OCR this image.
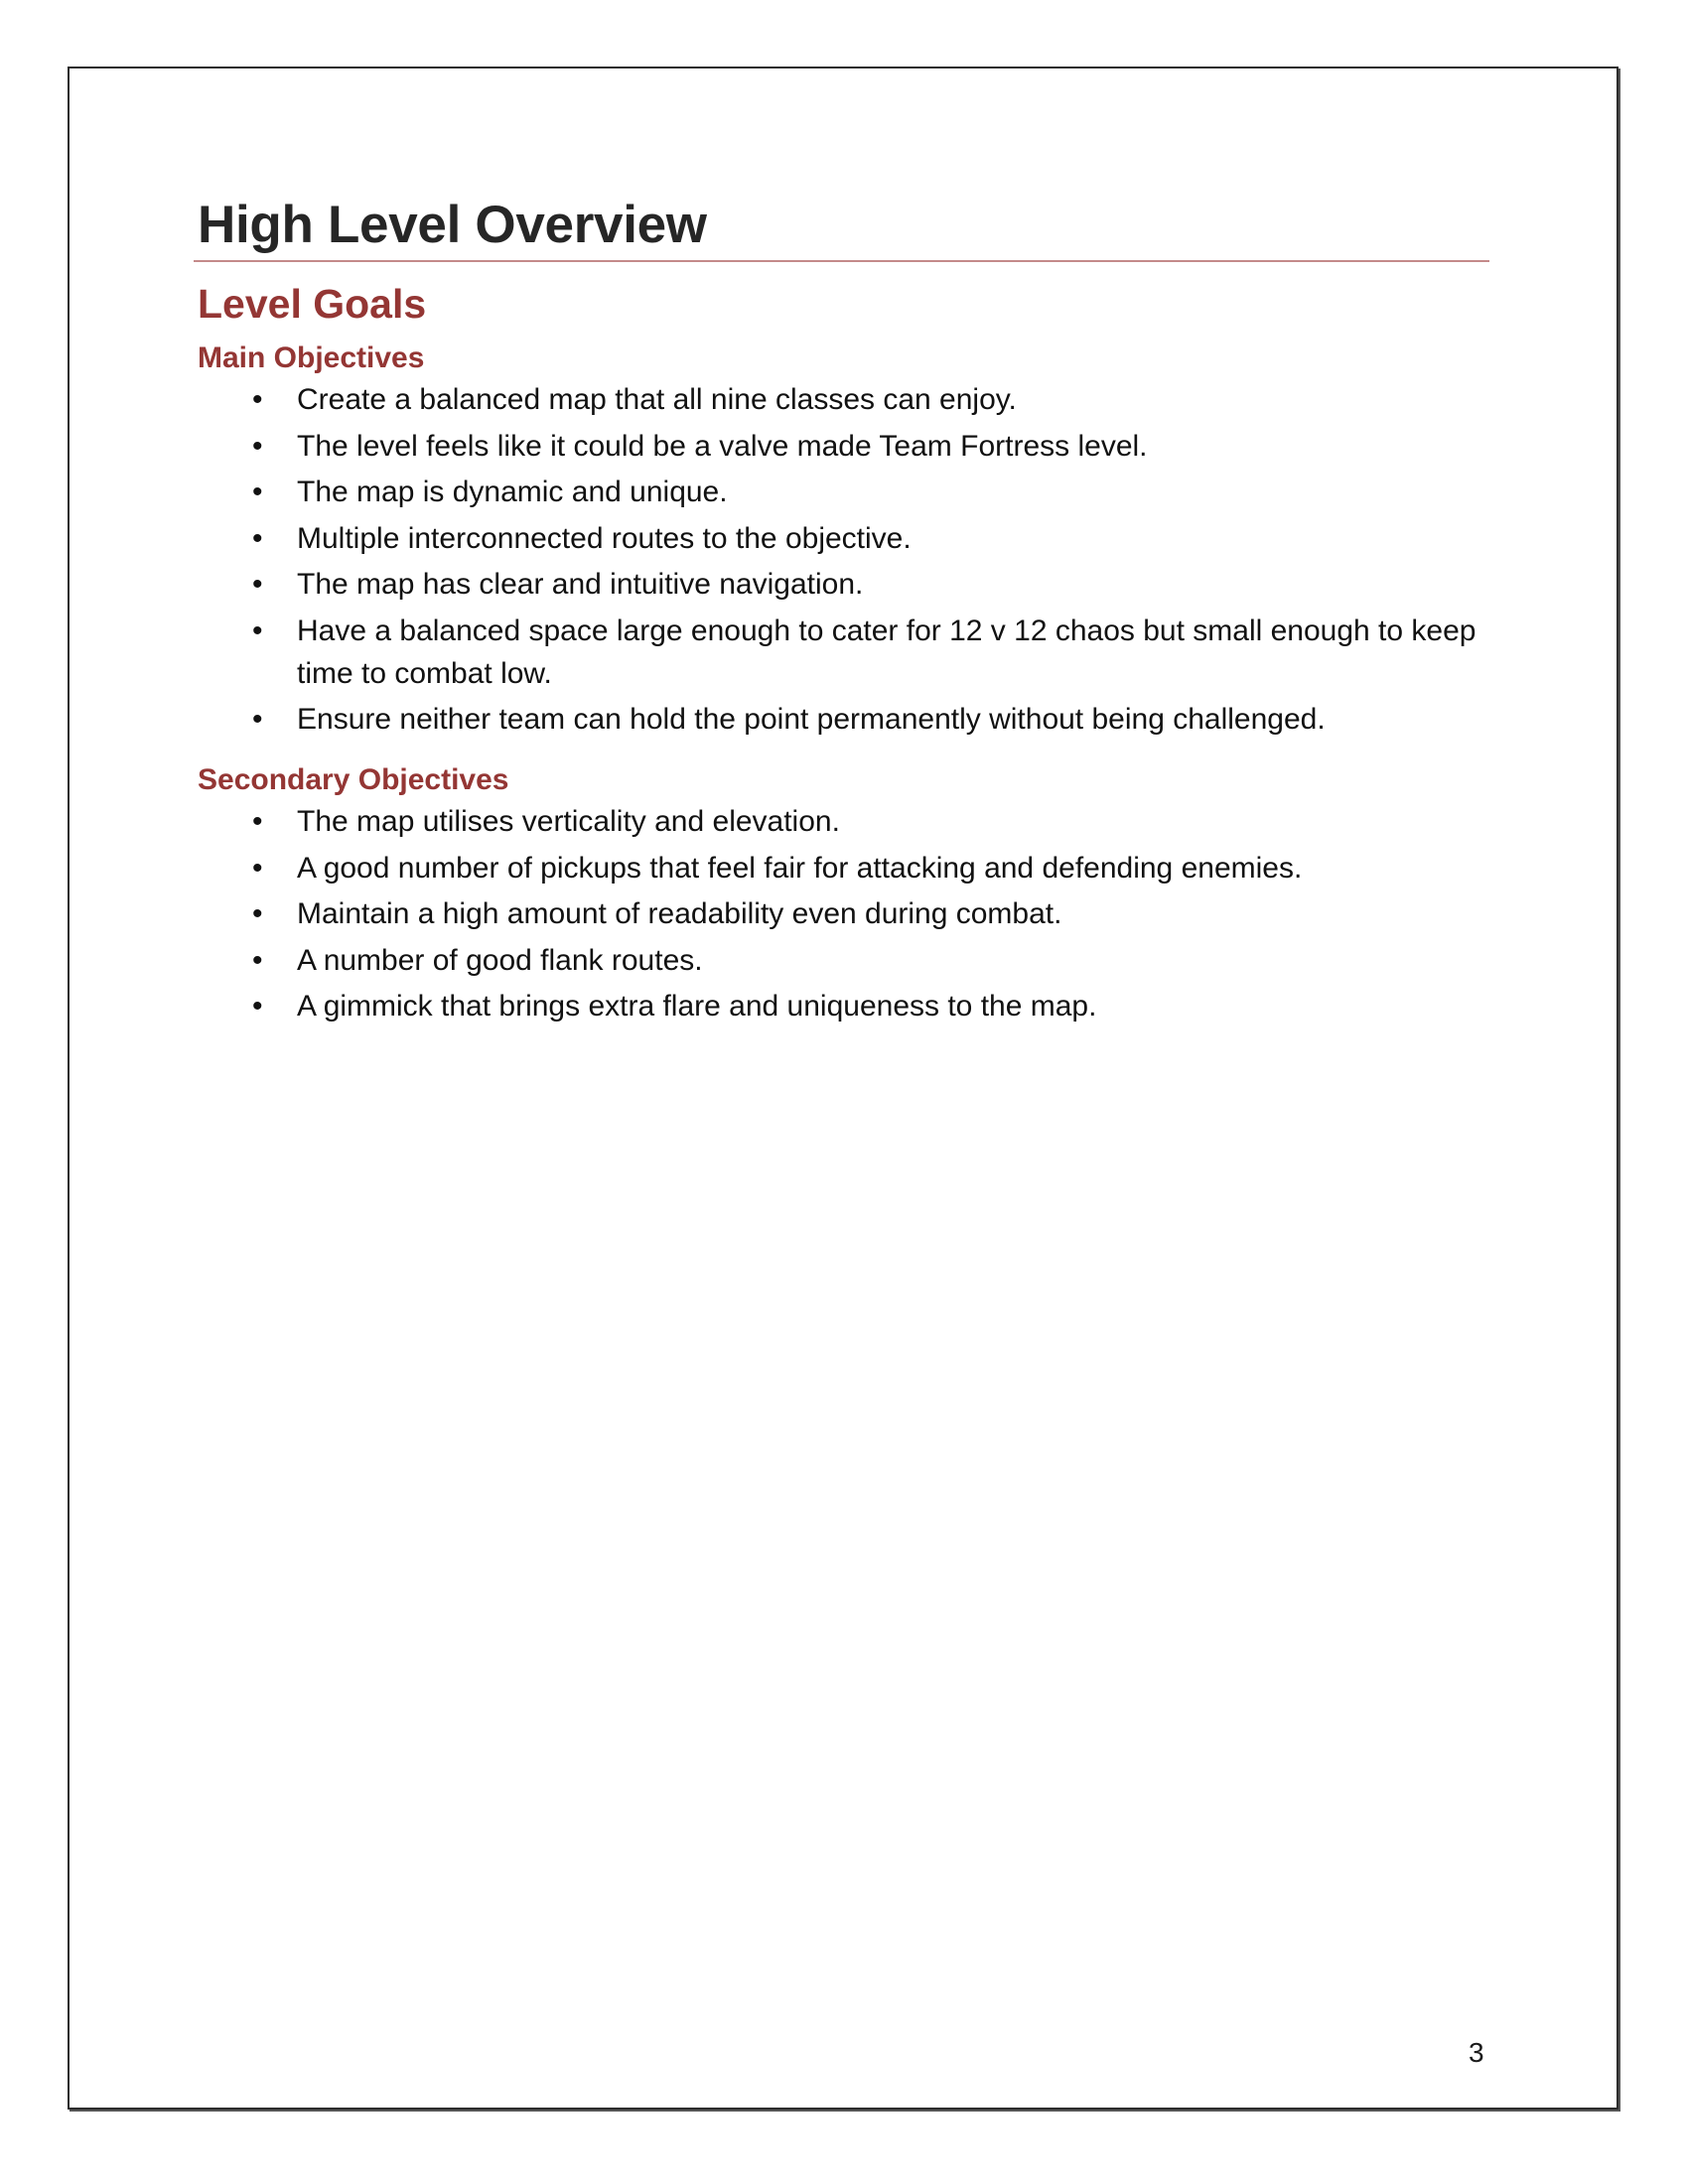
High Level Overview
Level Goals
Main Objectives
• Create a balanced map that all nine classes can enjoy.
• The level feels like it could be a valve made Team Fortress level.
• The map is dynamic and unique.
• Multiple interconnected routes to the objective.
• The map has clear and intuitive navigation.
• Have a balanced space large enough to cater for 12 v 12 chaos but small enough to keep time to combat low.
• Ensure neither team can hold the point permanently without being challenged.
Secondary Objectives
• The map utilises verticality and elevation.
• A good number of pickups that feel fair for attacking and defending enemies.
• Maintain a high amount of readability even during combat.
• A number of good flank routes.
• A gimmick that brings extra flare and uniqueness to the map.
3
